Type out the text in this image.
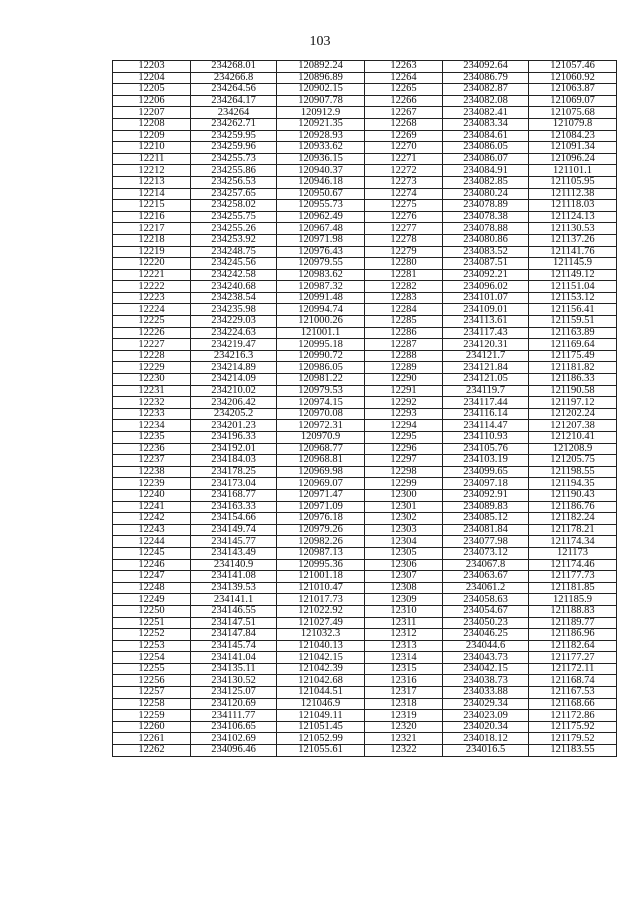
103
12203	234268.01	120892.24	12263	234092.64	121057.46
12204	234266.8	120896.89	12264	234086.79	121060.92
12205	234264.56	120902.15	12265	234082.87	121063.87
12206	234264.17	120907.78	12266	234082.08	121069.07
12207	234264	120912.9	12267	234082.41	121075.68
12208	234262.71	120921.35	12268	234083.34	121079.8
12209	234259.95	120928.93	12269	234084.61	121084.23
12210	234259.96	120933.62	12270	234086.05	121091.34
12211	234255.73	120936.15	12271	234086.07	121096.24
12212	234255.86	120940.37	12272	234084.91	121101.1
12213	234256.53	120946.18	12273	234082.85	121105.95
12214	234257.65	120950.67	12274	234080.24	121112.38
12215	234258.02	120955.73	12275	234078.89	121118.03
12216	234255.75	120962.49	12276	234078.38	121124.13
12217	234255.26	120967.48	12277	234078.88	121130.53
12218	234253.92	120971.98	12278	234080.86	121137.26
12219	234248.75	120976.43	12279	234083.52	121141.76
12220	234245.56	120979.55	12280	234087.51	121145.9
12221	234242.58	120983.62	12281	234092.21	121149.12
12222	234240.68	120987.32	12282	234096.02	121151.04
12223	234238.54	120991.48	12283	234101.07	121153.12
12224	234235.98	120994.74	12284	234109.01	121156.41
12225	234229.03	121000.26	12285	234113.61	121159.51
12226	234224.63	121001.1	12286	234117.43	121163.89
12227	234219.47	120995.18	12287	234120.31	121169.64
12228	234216.3	120990.72	12288	234121.7	121175.49
12229	234214.89	120986.05	12289	234121.84	121181.82
12230	234214.09	120981.22	12290	234121.05	121186.33
12231	234210.02	120979.53	12291	234119.7	121190.58
12232	234206.42	120974.15	12292	234117.44	121197.12
12233	234205.2	120970.08	12293	234116.14	121202.24
12234	234201.23	120972.31	12294	234114.47	121207.38
12235	234196.33	120970.9	12295	234110.93	121210.41
12236	234192.01	120968.77	12296	234105.76	121208.9
12237	234184.03	120968.81	12297	234103.19	121205.75
12238	234178.25	120969.98	12298	234099.65	121198.55
12239	234173.04	120969.07	12299	234097.18	121194.35
12240	234168.77	120971.47	12300	234092.91	121190.43
12241	234163.33	120971.09	12301	234089.83	121186.76
12242	234154.66	120976.18	12302	234085.12	121182.24
12243	234149.74	120979.26	12303	234081.84	121178.21
12244	234145.77	120982.26	12304	234077.98	121174.34
12245	234143.49	120987.13	12305	234073.12	121173
12246	234140.9	120995.36	12306	234067.8	121174.46
12247	234141.08	121001.18	12307	234063.67	121177.73
12248	234139.53	121010.47	12308	234061.2	121181.85
12249	234141.1	121017.73	12309	234058.63	121185.9
12250	234146.55	121022.92	12310	234054.67	121188.83
12251	234147.51	121027.49	12311	234050.23	121189.77
12252	234147.84	121032.3	12312	234046.25	121186.96
12253	234145.74	121040.13	12313	234044.6	121182.64
12254	234141.04	121042.15	12314	234043.73	121177.27
12255	234135.11	121042.39	12315	234042.15	121172.11
12256	234130.52	121042.68	12316	234038.73	121168.74
12257	234125.07	121044.51	12317	234033.88	121167.53
12258	234120.69	121046.9	12318	234029.34	121168.66
12259	234111.77	121049.11	12319	234023.09	121172.86
12260	234106.65	121051.45	12320	234020.34	121175.92
12261	234102.69	121052.99	12321	234018.12	121179.52
12262	234096.46	121055.61	12322	234016.5	121183.55
